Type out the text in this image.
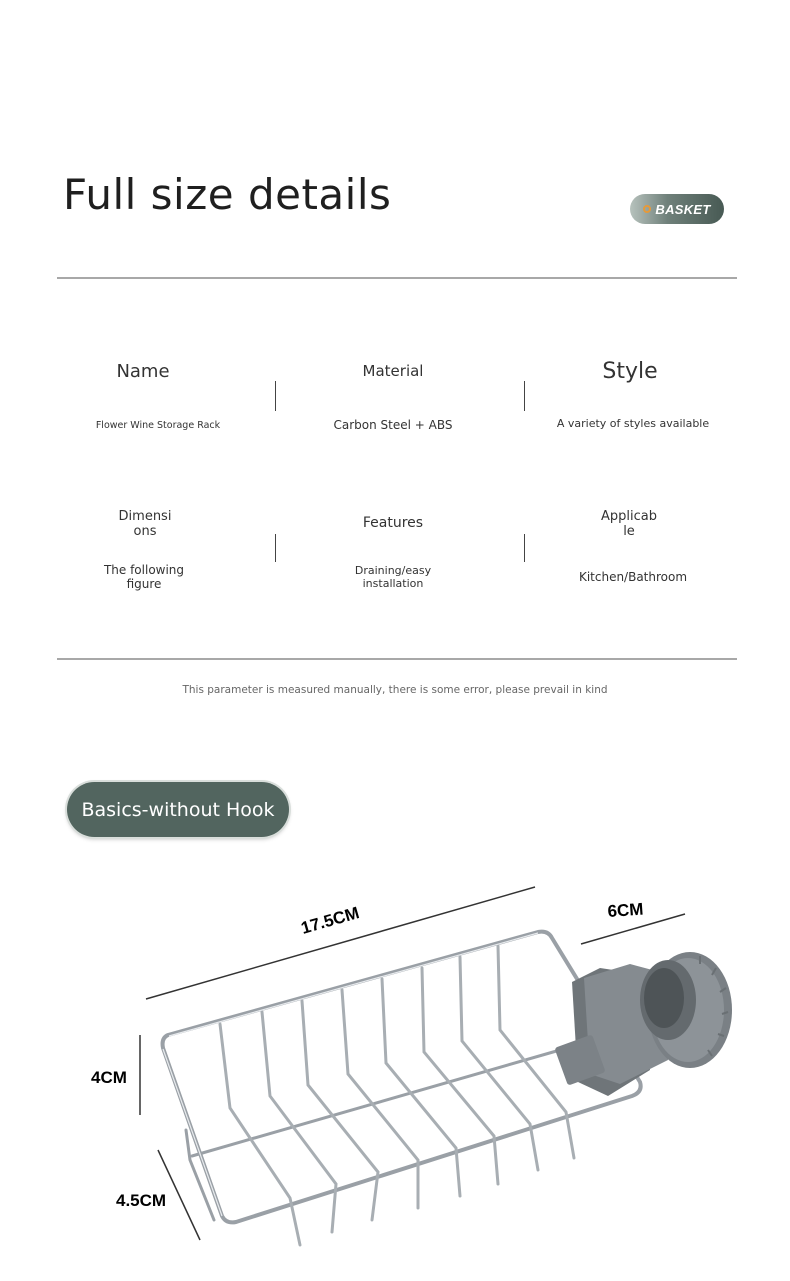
Full size details	BASKET
Name
Flower Wine Storage Rack
Material
Carbon Steel + ABS
Style
A variety of styles available
Dimensi
ons
The following
figure
Features
Draining/easy
installation
Applicab
le
Kitchen/Bathroom
This parameter is measured manually, there is some error, please prevail in kind
Basics-without Hook
17.5CM	6CM
4CM
4.5CM
